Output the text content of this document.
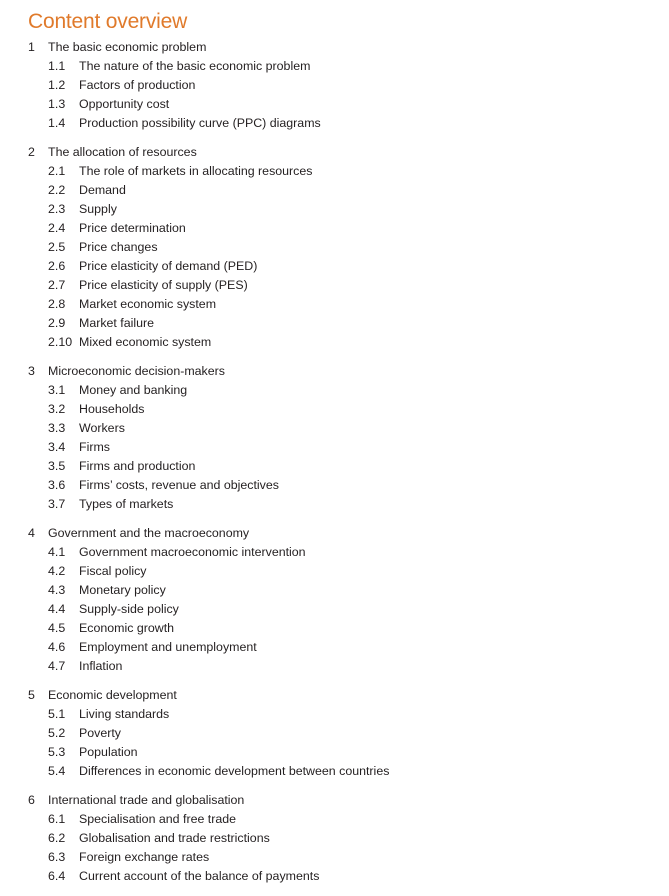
Content overview
1 The basic economic problem
1.1 The nature of the basic economic problem
1.2 Factors of production
1.3 Opportunity cost
1.4 Production possibility curve (PPC) diagrams
2 The allocation of resources
2.1 The role of markets in allocating resources
2.2 Demand
2.3 Supply
2.4 Price determination
2.5 Price changes
2.6 Price elasticity of demand (PED)
2.7 Price elasticity of supply (PES)
2.8 Market economic system
2.9 Market failure
2.10 Mixed economic system
3 Microeconomic decision-makers
3.1 Money and banking
3.2 Households
3.3 Workers
3.4 Firms
3.5 Firms and production
3.6 Firms’ costs, revenue and objectives
3.7 Types of markets
4 Government and the macroeconomy
4.1 Government macroeconomic intervention
4.2 Fiscal policy
4.3 Monetary policy
4.4 Supply-side policy
4.5 Economic growth
4.6 Employment and unemployment
4.7 Inflation
5 Economic development
5.1 Living standards
5.2 Poverty
5.3 Population
5.4 Differences in economic development between countries
6 International trade and globalisation
6.1 Specialisation and free trade
6.2 Globalisation and trade restrictions
6.3 Foreign exchange rates
6.4 Current account of the balance of payments
